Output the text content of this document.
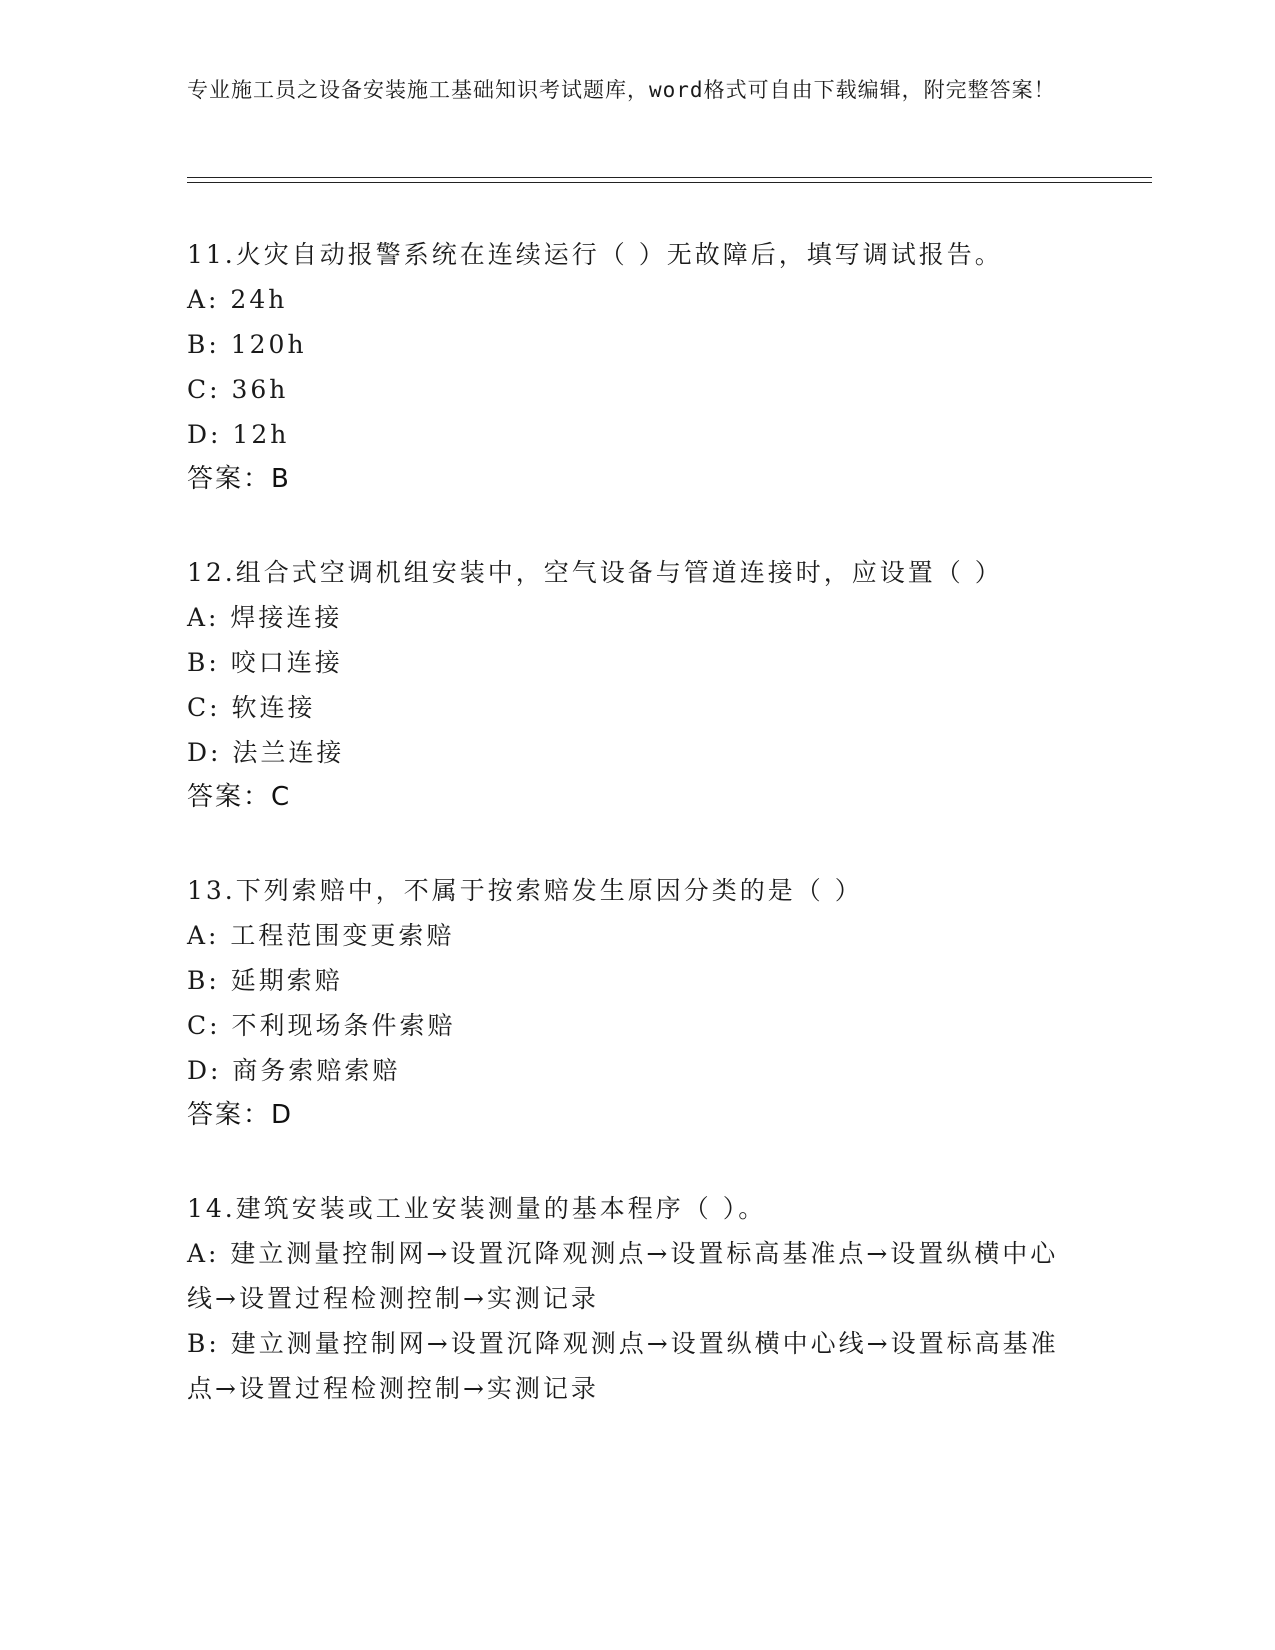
专业施工员之设备安装施工基础知识考试题库，word格式可自由下载编辑，附完整答案！
11.火灾自动报警系统在连续运行（ ）无故障后，填写调试报告。
A: 24h
B: 120h
C: 36h
D: 12h
答案：B
12.组合式空调机组安装中，空气设备与管道连接时，应设置（ ）
A: 焊接连接
B: 咬口连接
C: 软连接
D: 法兰连接
答案：C
13.下列索赔中，不属于按索赔发生原因分类的是（ ）
A: 工程范围变更索赔
B: 延期索赔
C: 不利现场条件索赔
D: 商务索赔索赔
答案：D
14.建筑安装或工业安装测量的基本程序（ ）。
A: 建立测量控制网→设置沉降观测点→设置标高基准点→设置纵横中心线→设置过程检测控制→实测记录
B: 建立测量控制网→设置沉降观测点→设置纵横中心线→设置标高基准点→设置过程检测控制→实测记录
